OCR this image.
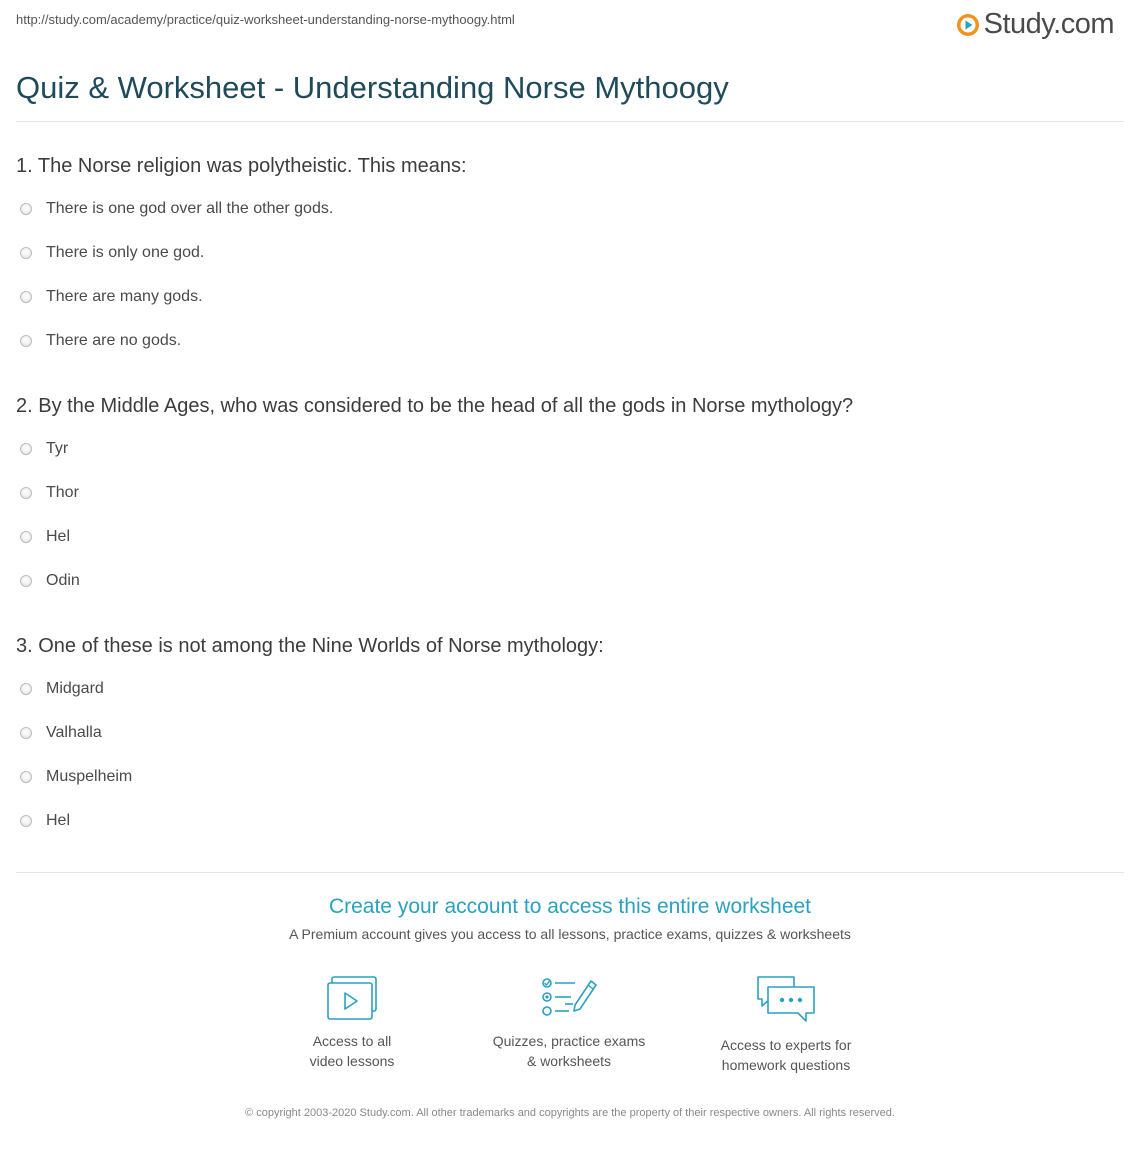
http://study.com/academy/practice/quiz-worksheet-understanding-norse-mythoogy.html	Study.com
Quiz & Worksheet - Understanding Norse Mythoogy
1. The Norse religion was polytheistic. This means:
There is one god over all the other gods.
There is only one god.
There are many gods.
There are no gods.
2. By the Middle Ages, who was considered to be the head of all the gods in Norse mythology?
Tyr
Thor
Hel
Odin
3. One of these is not among the Nine Worlds of Norse mythology:
Midgard
Valhalla
Muspelheim
Hel
Create your account to access this entire worksheet
A Premium account gives you access to all lessons, practice exams, quizzes & worksheets
Access to all
video lessons
Quizzes, practice exams
& worksheets
Access to experts for
homework questions
© copyright 2003-2020 Study.com. All other trademarks and copyrights are the property of their respective owners. All rights reserved.
